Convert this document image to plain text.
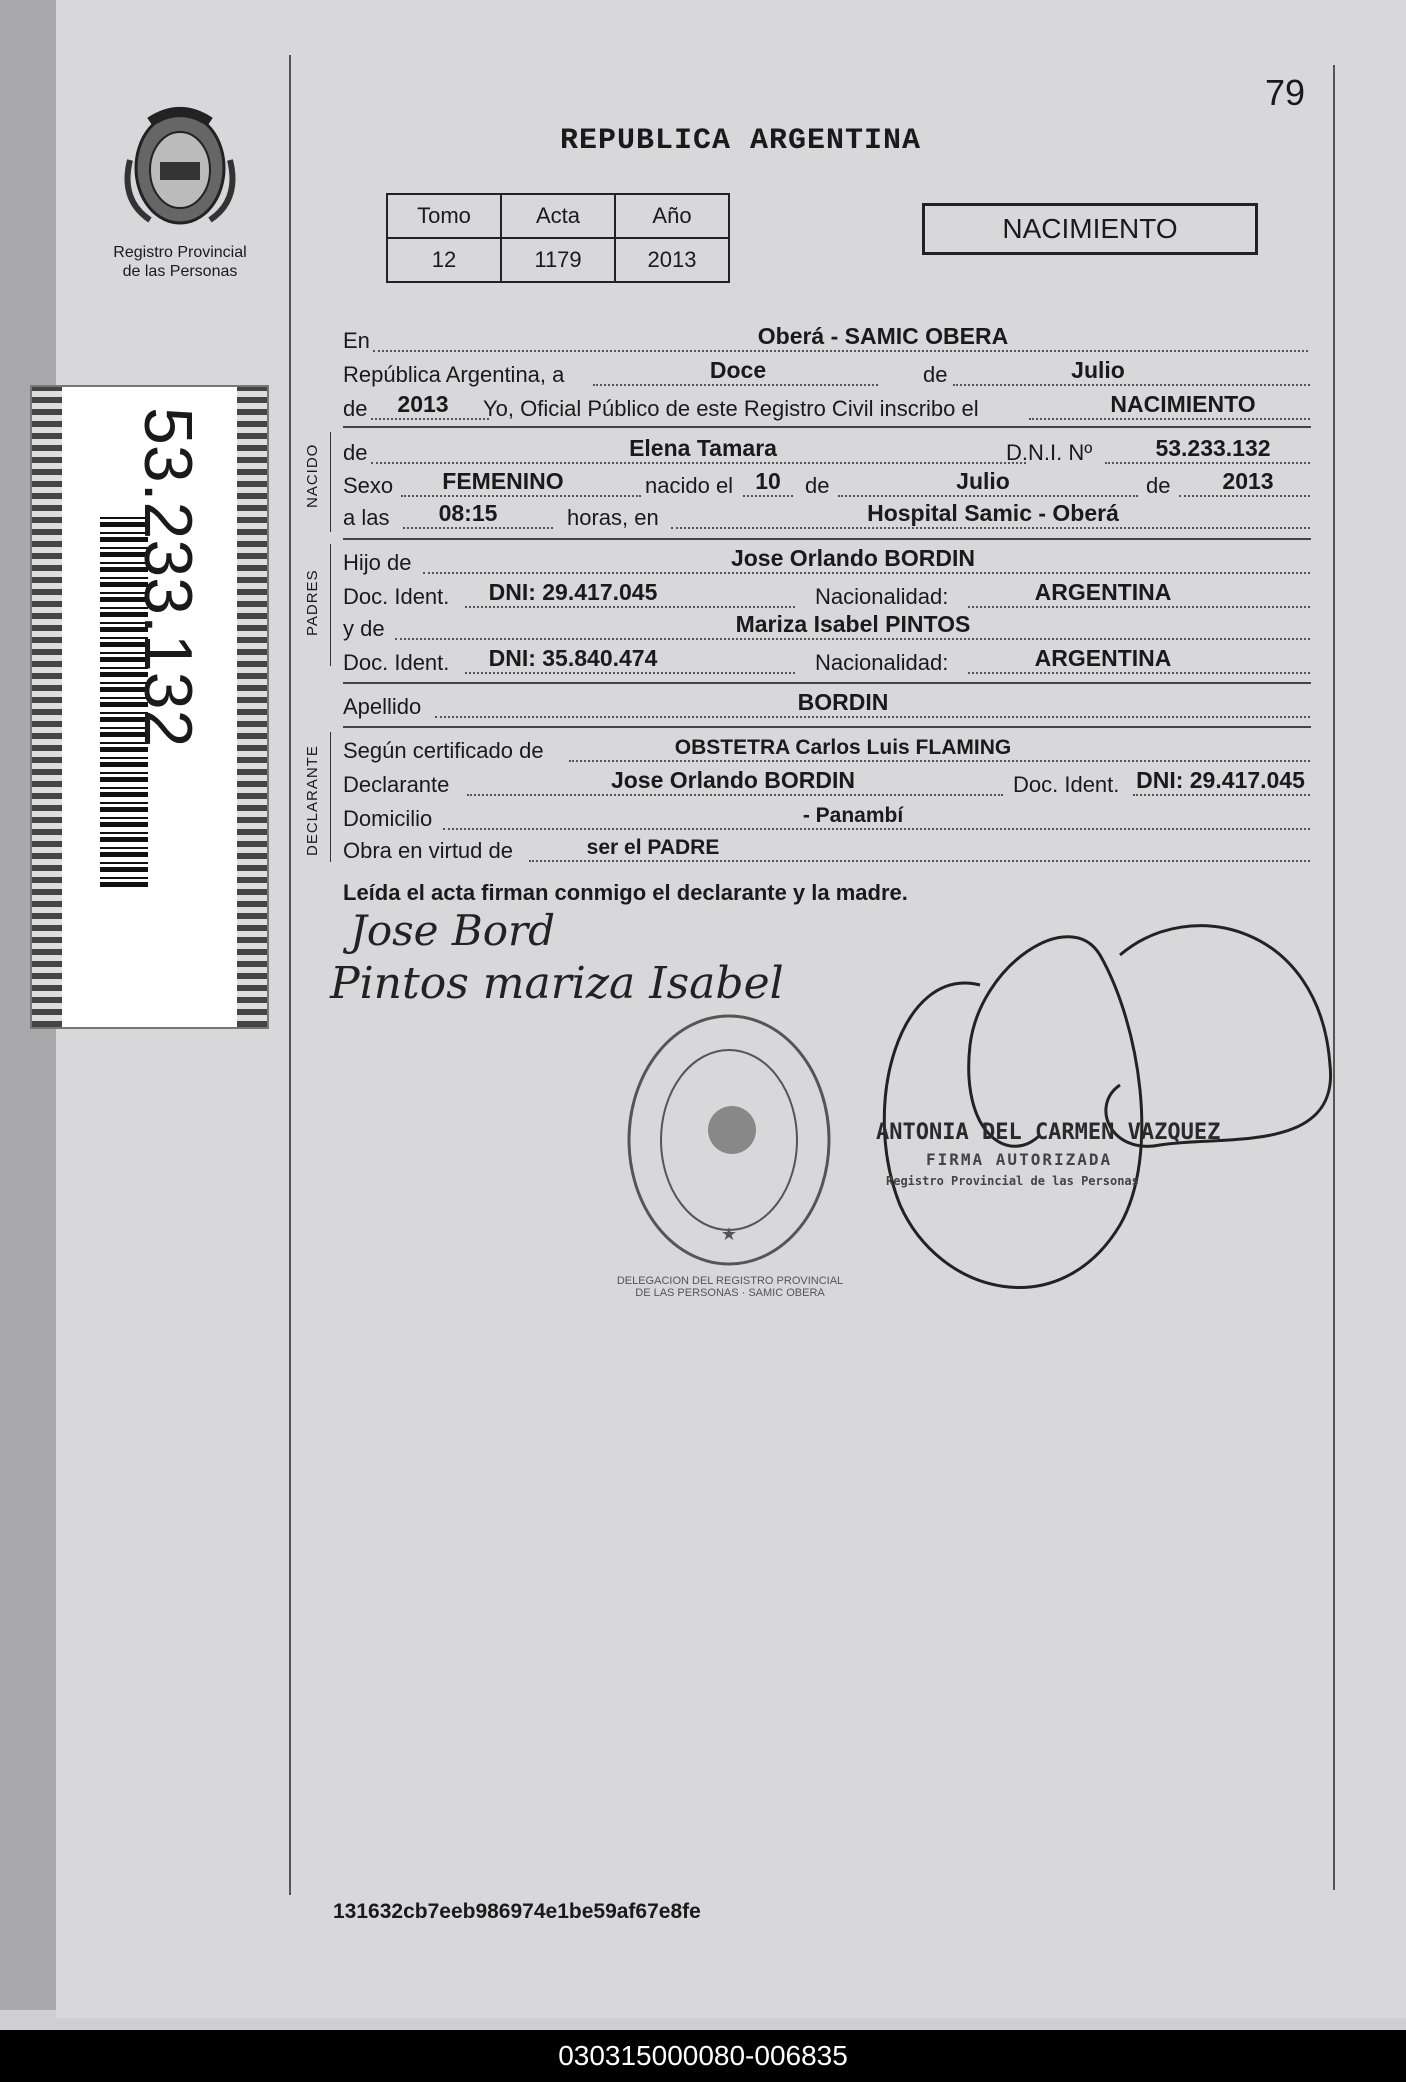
79
REPUBLICA ARGENTINA
Registro Provincial
de las Personas
Tomo	Acta	Año
12	1179	2013
NACIMIENTO
En	Oberá - SAMIC OBERA
República Argentina, a	Doce	de	Julio
de	2013	Yo, Oficial Público de este Registro Civil inscribo el	NACIMIENTO
NACIDO de	Elena Tamara	D.N.I. Nº	53.233.132
Sexo	FEMENINO	nacido el 10	de	Julio	de	2013
a las	08:15	horas, en	Hospital Samic - Oberá
PADRES
Hijo de	Jose Orlando BORDIN
Doc. Ident.	DNI: 29.417.045	Nacionalidad:	ARGENTINA
y de	Mariza Isabel PINTOS
Doc. Ident.	DNI: 35.840.474	Nacionalidad:	ARGENTINA
Apellido	BORDIN
DECLARANTE Según certificado de	OBSTETRA Carlos Luis FLAMING
Declarante	Jose Orlando BORDIN	Doc. Ident. DNI: 29.417.045
Domicilio	- Panambí
Obra en virtud de	ser el PADRE
Leída el acta firman conmigo el declarante y la madre.
Jose Bord
Pintos mariza Isabel
★
DELEGACION DEL REGISTRO PROVINCIAL DE LAS PERSONAS · SAMIC OBERA
ANTONIA DEL CARMEN VAZQUEZ
FIRMA AUTORIZADA
Registro Provincial de las Personas
131632cb7eeb986974e1be59af67e8fe
53.233.132
030315000080-006835
